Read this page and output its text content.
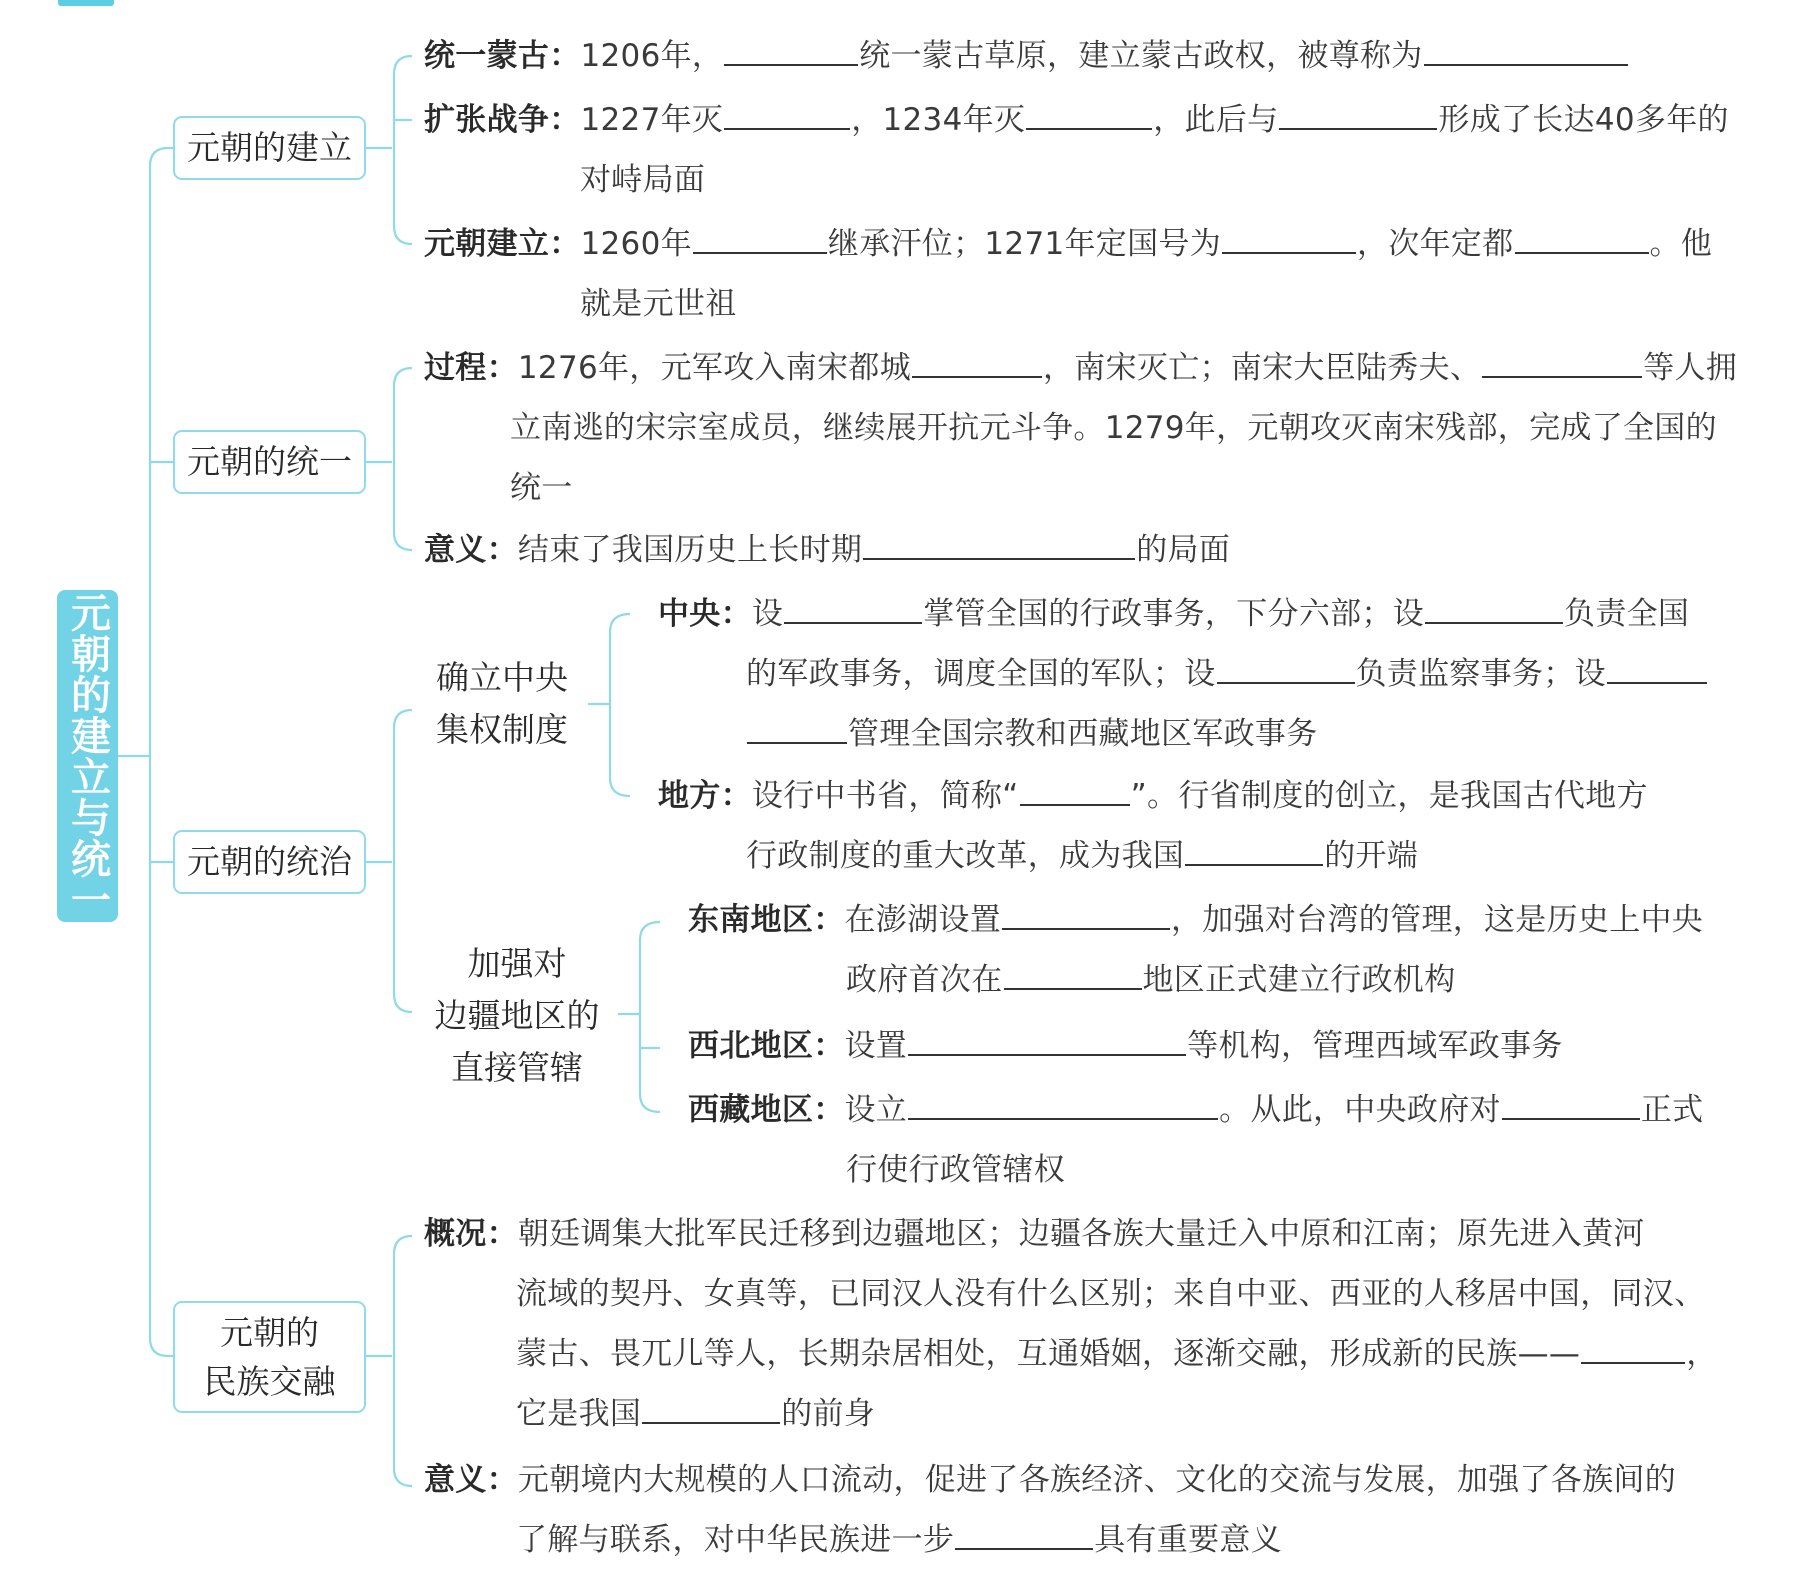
元朝的建立与统一
元朝的建立
元朝的统一
元朝的统治
元朝的
民族交融
确立中央
集权制度
加强对
边疆地区的
直接管辖
统一蒙古：1206年，	统一蒙古草原，建立蒙古政权，被尊称为
扩张战争：1227年灭	，1234年灭	，此后与	形成了长达40多年的
对峙局面
元朝建立：1260年	继承汗位；1271年定国号为	，次年定都	。他
就是元世祖
过程：1276年，元军攻入南宋都城	，南宋灭亡；南宋大臣陆秀夫、	等人拥
立南逃的宋宗室成员，继续展开抗元斗争。1279年，元朝攻灭南宋残部，完成了全国的
统一
意义：结束了我国历史上长时期	的局面
中央：设	掌管全国的行政事务，下分六部；设	负责全国
的军政事务，调度全国的军队；设	负责监察事务；设
管理全国宗教和西藏地区军政事务
地方：设行中书省，简称“	”。行省制度的创立，是我国古代地方
行政制度的重大改革，成为我国	的开端
东南地区：在澎湖设置	，加强对台湾的管理，这是历史上中央
政府首次在	地区正式建立行政机构
西北地区：设置	等机构，管理西域军政事务
西藏地区：设立	。从此，中央政府对	正式
行使行政管辖权
概况：朝廷调集大批军民迁移到边疆地区；边疆各族大量迁入中原和江南；原先进入黄河
流域的契丹、女真等，已同汉人没有什么区别；来自中亚、西亚的人移居中国，同汉、
蒙古、畏兀儿等人，长期杂居相处，互通婚姻，逐渐交融，形成新的民族——	，
它是我国	的前身
意义：元朝境内大规模的人口流动，促进了各族经济、文化的交流与发展，加强了各族间的
了解与联系，对中华民族进一步	具有重要意义
